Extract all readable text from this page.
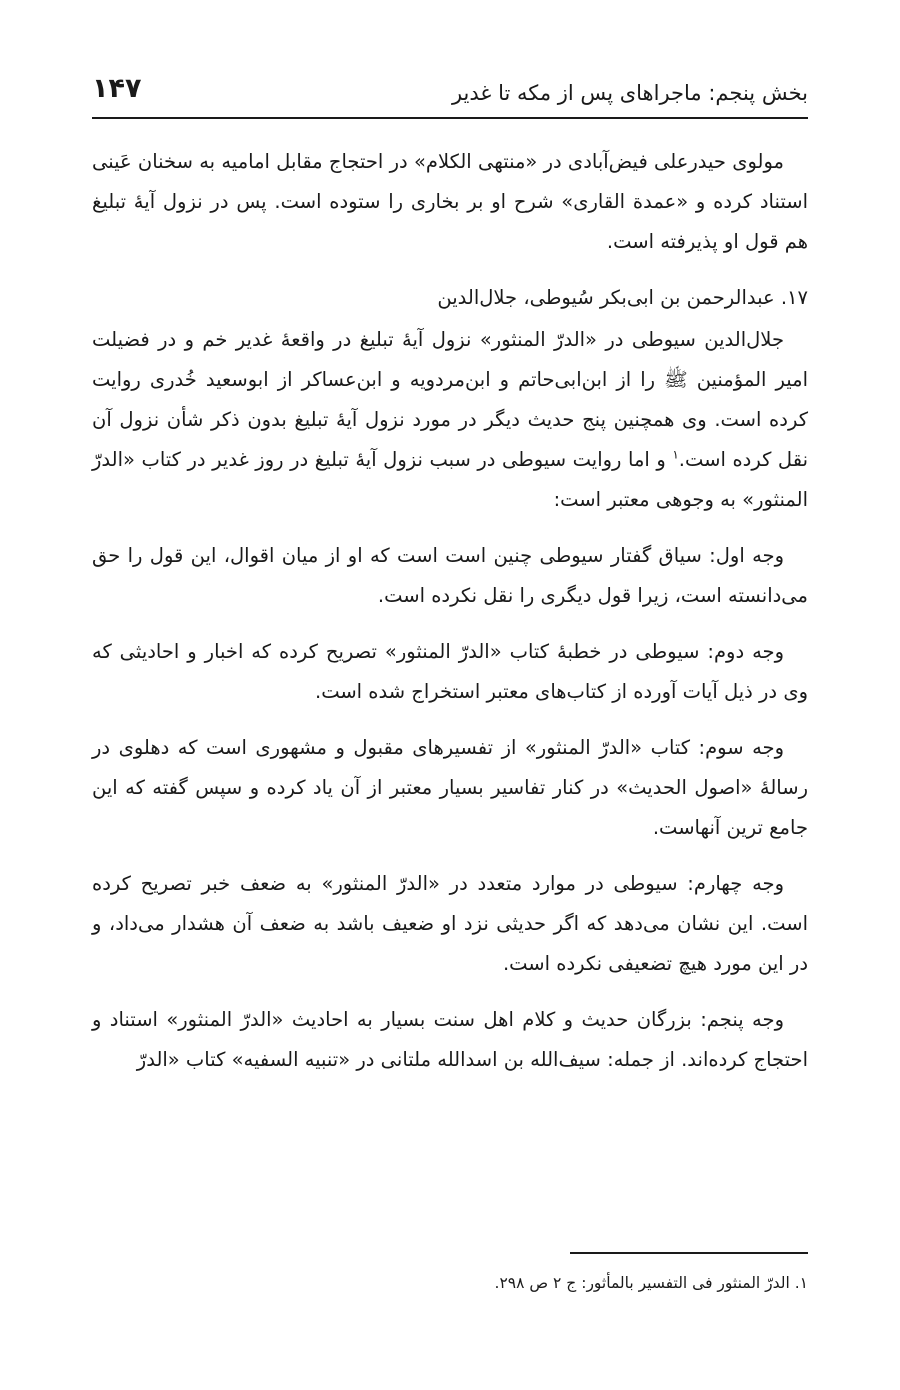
بخش پنجم: ماجراهای پس از مکه تا غدیر
۱۴۷

مولوی حیدرعلی فیض‌آبادی در «منتهی الکلام» در احتجاج مقابل امامیه به سخنان عَینی استناد کرده و «عمدة القاری» شرح او بر بخاری را ستوده است. پس در نزول آیهٔ تبلیغ هم قول او پذیرفته است.

۱۷. عبدالرحمن بن ابی‌بکر سُیوطی، جلال‌الدین

جلال‌الدین سیوطی در «الدرّ المنثور» نزول آیهٔ تبلیغ در واقعهٔ غدیر خم و در فضیلت امیر المؤمنین ﷺ را از ابن‌ابی‌حاتم و ابن‌مردویه و ابن‌عساکر از ابوسعید خُدری روایت کرده است. وی همچنین پنج حدیث دیگر در مورد نزول آیهٔ تبلیغ بدون ذکر شأن نزول آن نقل کرده است.$^۱$ و اما روایت سیوطی در سبب نزول آیهٔ تبلیغ در روز غدیر در کتاب «الدرّ المنثور» به وجوهی معتبر است:

وجه اول: سیاق گفتار سیوطی چنین است است که او از میان اقوال، این قول را حق می‌دانسته است، زیرا قول دیگری را نقل نکرده است.

وجه دوم: سیوطی در خطبهٔ کتاب «الدرّ المنثور» تصریح کرده که اخبار و احادیثی که وی در ذیل آیات آورده از کتاب‌های معتبر استخراج شده است.

وجه سوم: کتاب «الدرّ المنثور» از تفسیرهای مقبول و مشهوری است که دهلوی در رسالهٔ «اصول الحدیث» در کنار تفاسیر بسیار معتبر از آن یاد کرده و سپس گفته که این جامع ترین آنهاست.

وجه چهارم: سیوطی در موارد متعدد در «الدرّ المنثور» به ضعف خبر تصریح کرده است. این نشان می‌دهد که اگر حدیثی نزد او ضعیف باشد به ضعف آن هشدار می‌داد، و در این مورد هیچ تضعیفی نکرده است.

وجه پنجم: بزرگان حدیث و کلام اهل سنت بسیار به احادیث «الدرّ المنثور» استناد و احتجاج کرده‌اند. از جمله: سیف‌الله بن اسدالله ملتانی در «تنبیه السفیه» کتاب «الدرّ

۱. الدرّ المنثور فی التفسیر بالمأثور: ج ۲ ص ۲۹۸.
